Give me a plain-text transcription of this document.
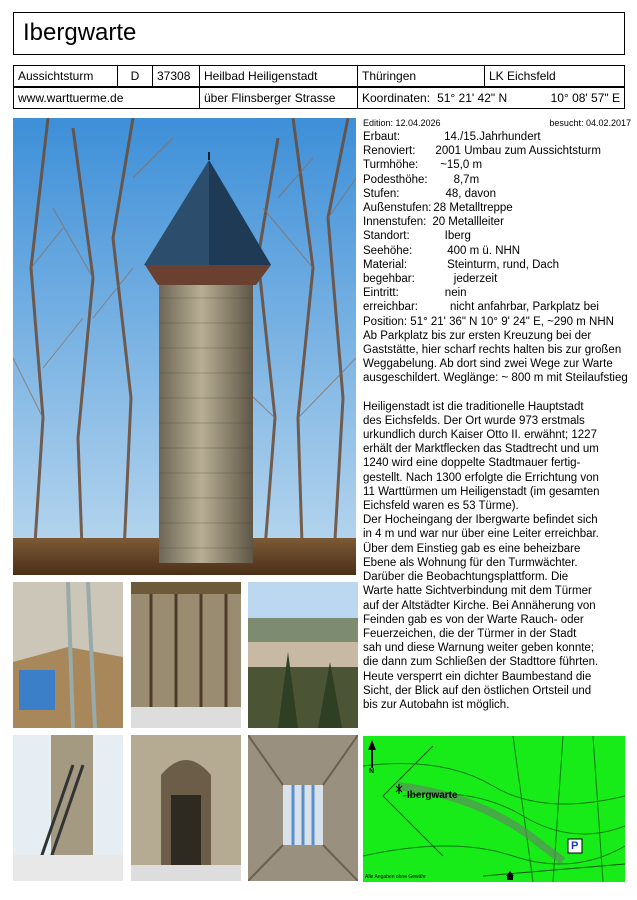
Ibergwarte
Aussichtsturm	D	37308	Heilbad Heiligenstadt	Thüringen	LK Eichsfeld
www.warttuerme.de	über Flinsberger Strasse	Koordinaten: 51° 21' 42" N	10° 08' 57" E
Edition: 12.04.2026	besucht: 04.02.2017
Erbaut:	14./15.Jahrhundert
Renoviert:	2001 Umbau zum Aussichtsturm
Turmhöhe:	~15,0 m
Podesthöhe:	8,7m
Stufen:	48, davon
Außenstufen: 28 Metalltreppe
Innenstufen: 20 Metallleiter
Standort:	Iberg
Seehöhe:	400 m ü. NHN
Material:	Steinturm, rund, Dach
begehbar:	jederzeit
Eintritt:	nein
erreichbar:	nicht anfahrbar, Parkplatz bei
Position: 51° 21' 36" N 10° 9' 24" E, ~290 m NHN
Ab Parkplatz bis zur ersten Kreuzung bei der Gaststätte, hier scharf rechts halten bis zur großen Weggabelung. Ab dort sind zwei Wege zur Warte ausgeschildert. Weglänge: ~ 800 m mit Steilaufstieg
Heiligenstadt ist die traditionelle Hauptstadt
des Eichsfelds. Der Ort wurde 973 erstmals
urkundlich durch Kaiser Otto II. erwähnt; 1227
erhält der Marktflecken das Stadtrecht und um
1240 wird eine doppelte Stadtmauer fertig-
gestellt. Nach 1300 erfolgte die Errichtung von
11 Warttürmen um Heiligenstadt (im gesamten
Eichsfeld waren es 53 Türme).
Der Hocheingang der Ibergwarte befindet sich
in 4 m und war nur über eine Leiter erreichbar.
Über dem Einstieg gab es eine beheizbare
Ebene als Wohnung für den Turmwächter.
Darüber die Beobachtungsplattform. Die
Warte hatte Sichtverbindung mit dem Türmer
auf der Altstädter Kirche. Bei Annäherung von
Feinden gab es von der Warte Rauch- oder
Feuerzeichen, die der Türmer in der Stadt
sah und diese Warnung weiter geben konnte;
die dann zum Schließen der Stadttore führten.
Heute versperrt ein dichter Baumbestand die
Sicht, der Blick auf den östlichen Ortsteil und
bis zur Autobahn ist möglich.
N
Ibergwarte
P
Alle Angaben ohne Gewähr
